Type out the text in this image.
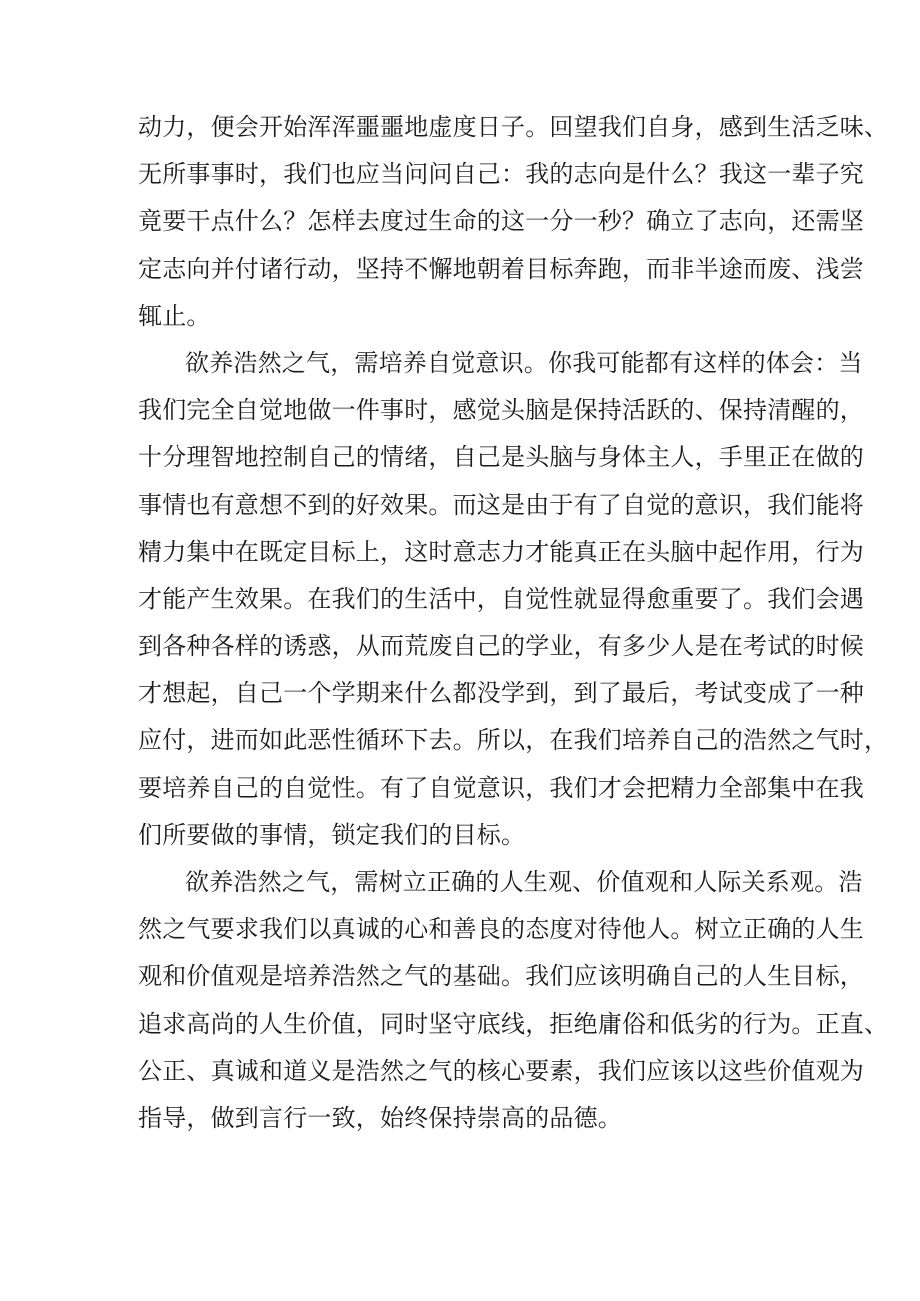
动力，便会开始浑浑噩噩地虚度日子。回望我们自身，感到生活乏味、
无所事事时，我们也应当问问自己：我的志向是什么？我这一辈子究
竟要干点什么？怎样去度过生命的这一分一秒？确立了志向，还需坚
定志向并付诸行动，坚持不懈地朝着目标奔跑，而非半途而废、浅尝
辄止。
欲养浩然之气，需培养自觉意识。你我可能都有这样的体会：当
我们完全自觉地做一件事时，感觉头脑是保持活跃的、保持清醒的，
十分理智地控制自己的情绪，自己是头脑与身体主人，手里正在做的
事情也有意想不到的好效果。而这是由于有了自觉的意识，我们能将
精力集中在既定目标上，这时意志力才能真正在头脑中起作用，行为
才能产生效果。在我们的生活中，自觉性就显得愈重要了。我们会遇
到各种各样的诱惑，从而荒废自己的学业，有多少人是在考试的时候
才想起，自己一个学期来什么都没学到，到了最后，考试变成了一种
应付，进而如此恶性循环下去。所以，在我们培养自己的浩然之气时，
要培养自己的自觉性。有了自觉意识，我们才会把精力全部集中在我
们所要做的事情，锁定我们的目标。
欲养浩然之气，需树立正确的人生观、价值观和人际关系观。浩
然之气要求我们以真诚的心和善良的态度对待他人。树立正确的人生
观和价值观是培养浩然之气的基础。我们应该明确自己的人生目标，
追求高尚的人生价值，同时坚守底线，拒绝庸俗和低劣的行为。正直、
公正、真诚和道义是浩然之气的核心要素，我们应该以这些价值观为
指导，做到言行一致，始终保持崇高的品德。
